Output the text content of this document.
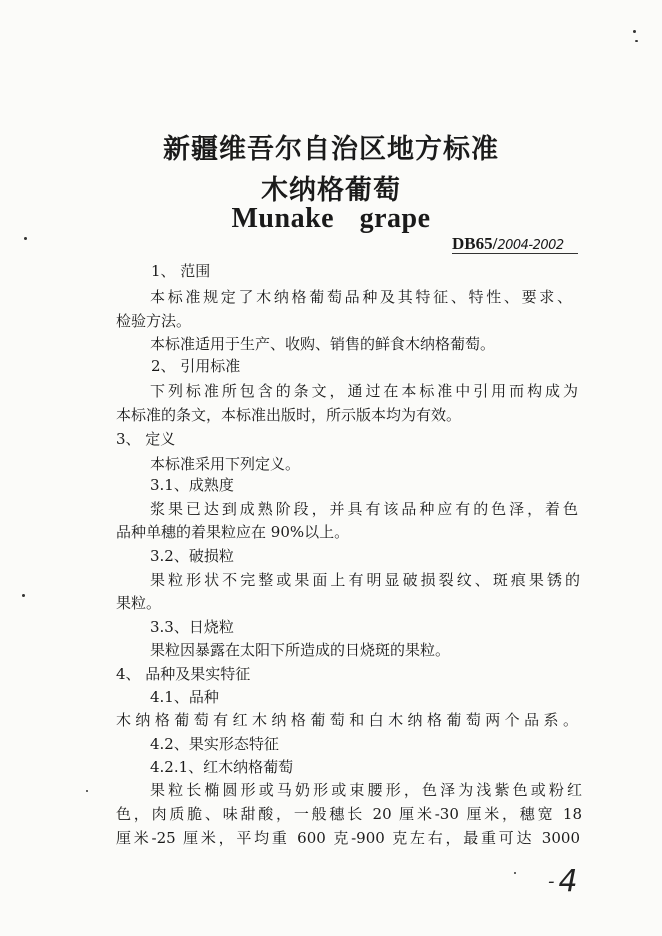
新疆维吾尔自治区地方标准
木纳格葡萄
Munake grape
DB65/2004-2002
1、 范围
本标准规定了木纳格葡萄品种及其特征、特性、要求、
检验方法。
本标准适用于生产、收购、销售的鲜食木纳格葡萄。
2、 引用标准
下列标准所包含的条文，通过在本标准中引用而构成为
本标准的条文，本标准出版时，所示版本均为有效。
3、 定义
本标准采用下列定义。
3.1、成熟度
浆果已达到成熟阶段，并具有该品种应有的色泽，着色
品种单穗的着果粒应在 90%以上。
3.2、破损粒
果粒形状不完整或果面上有明显破损裂纹、斑痕果锈的
果粒。
3.3、日烧粒
果粒因暴露在太阳下所造成的日烧斑的果粒。
4、 品种及果实特征
4.1、品种
木纳格葡萄有红木纳格葡萄和白木纳格葡萄两个品系。
4.2、果实形态特征
4.2.1、红木纳格葡萄
果粒长椭圆形或马奶形或束腰形，色泽为浅紫色或粉红
色，肉质脆、味甜酸，一般穗长 20 厘米-30 厘米，穗宽 18
厘米-25 厘米，平均重 600 克-900 克左右，最重可达 3000
- 4
